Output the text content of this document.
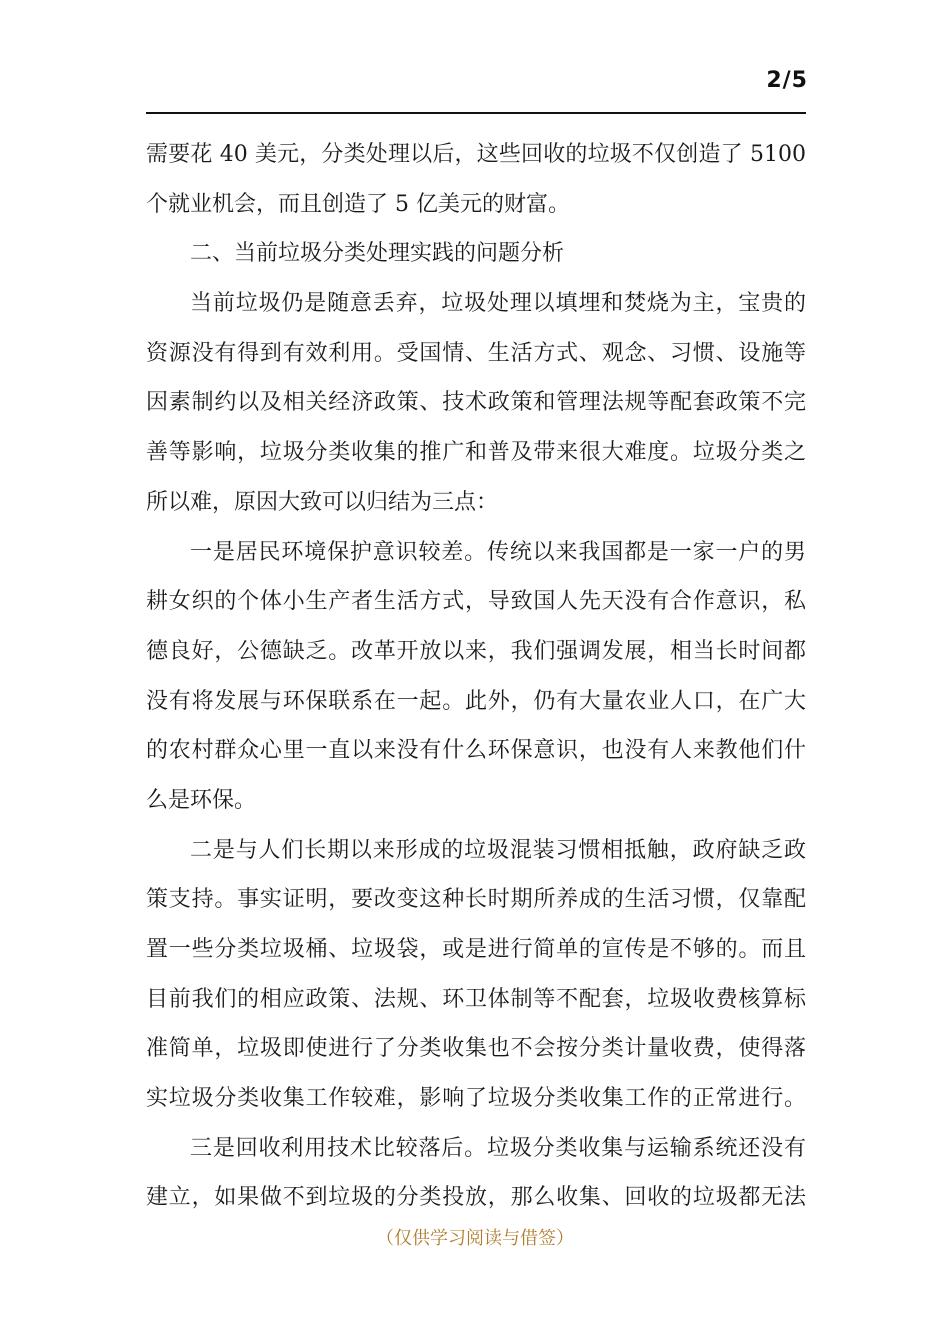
2/5
需要花 40 美元，分类处理以后，这些回收的垃圾不仅创造了 5100
个就业机会，而且创造了 5 亿美元的财富。
二、当前垃圾分类处理实践的问题分析
当前垃圾仍是随意丢弃，垃圾处理以填埋和焚烧为主，宝贵的
资源没有得到有效利用。受国情、生活方式、观念、习惯、设施等
因素制约以及相关经济政策、技术政策和管理法规等配套政策不完
善等影响，垃圾分类收集的推广和普及带来很大难度。垃圾分类之
所以难，原因大致可以归结为三点：
一是居民环境保护意识较差。传统以来我国都是一家一户的男
耕女织的个体小生产者生活方式，导致国人先天没有合作意识，私
德良好，公德缺乏。改革开放以来，我们强调发展，相当长时间都
没有将发展与环保联系在一起。此外，仍有大量农业人口，在广大
的农村群众心里一直以来没有什么环保意识，也没有人来教他们什
么是环保。
二是与人们长期以来形成的垃圾混装习惯相抵触，政府缺乏政
策支持。事实证明，要改变这种长时期所养成的生活习惯，仅靠配
置一些分类垃圾桶、垃圾袋，或是进行简单的宣传是不够的。而且
目前我们的相应政策、法规、环卫体制等不配套，垃圾收费核算标
准简单，垃圾即使进行了分类收集也不会按分类计量收费，使得落
实垃圾分类收集工作较难，影响了垃圾分类收集工作的正常进行。
三是回收利用技术比较落后。垃圾分类收集与运输系统还没有
建立，如果做不到垃圾的分类投放，那么收集、回收的垃圾都无法
（仅供学习阅读与借签）
